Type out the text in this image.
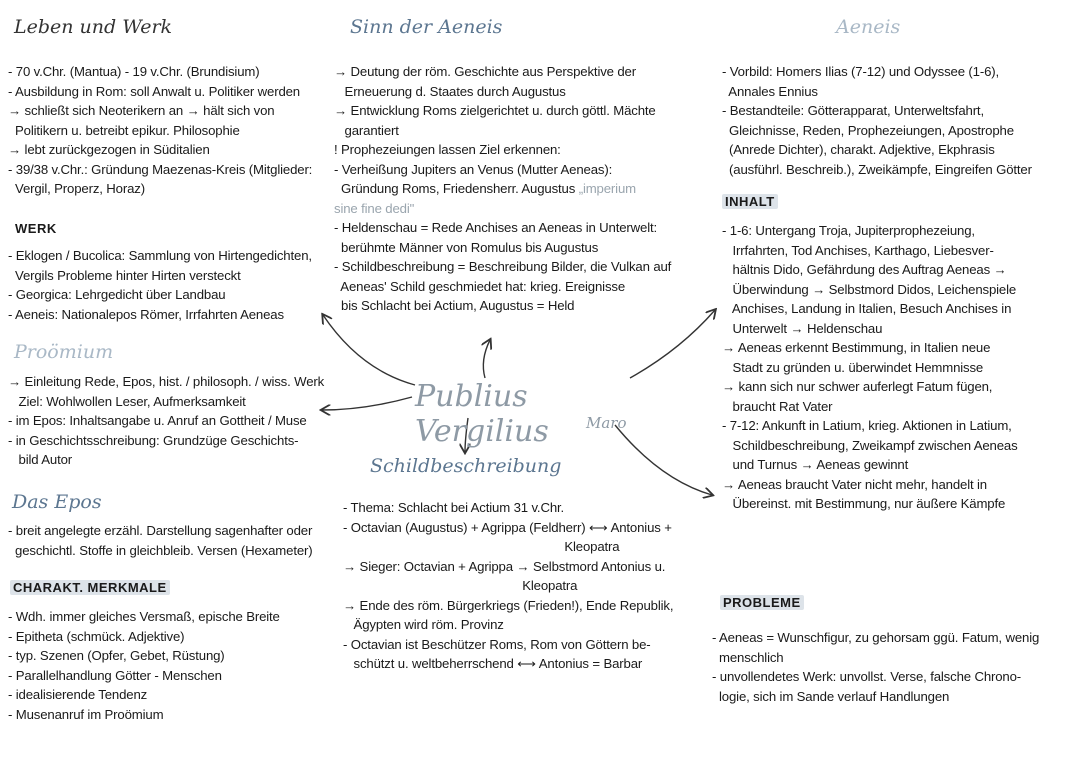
Publius Vergilius Maro

Leben und Werk

- 70 v.Chr. (Mantua) - 19 v.Chr. (Brundisium)

- Ausbildung in Rom: soll Anwalt u. Politiker werden

→ schließt sich Neoterikern an → hält sich von

Politikern u. betreibt epikur. Philosophie

→ lebt zurückgezogen in Süditalien

- 39/38 v.Chr.: Gründung Maezenas-Kreis (Mitglieder:

Vergil, Properz, Horaz)

WERK

- Eklogen / Bucolica: Sammlung von Hirtengedichten,

Vergils Probleme hinter Hirten versteckt

- Georgica: Lehrgedicht über Landbau

- Aeneis: Nationalepos Römer, Irrfahrten Aeneas

Proömium

→ Einleitung Rede, Epos, hist. / philosoph. / wiss. Werk

Ziel: Wohlwollen Leser, Aufmerksamkeit

- im Epos: Inhaltsangabe u. Anruf an Gottheit / Muse

- in Geschichtsschreibung: Grundzüge Geschichts-

bild Autor

Das Epos

- breit angelegte erzähl. Darstellung sagenhafter oder

geschichtl. Stoffe in gleichbleib. Versen (Hexameter)

CHARAKT. MERKMALE

- Wdh. immer gleiches Versmaß, epische Breite

- Epitheta (schmück. Adjektive)

- typ. Szenen (Opfer, Gebet, Rüstung)

- Parallelhandlung Götter - Menschen

- idealisierende Tendenz

- Musenanruf im Proömium

Sinn der Aeneis

→ Deutung der röm. Geschichte aus Perspektive der

Erneuerung d. Staates durch Augustus

→ Entwicklung Roms zielgerichtet u. durch göttl. Mächte

garantiert

! Prophezeiungen lassen Ziel erkennen:

- Verheißung Jupiters an Venus (Mutter Aeneas):

Gründung Roms, Friedensherr. Augustus „imperium

sine fine dedi"

- Heldenschau = Rede Anchises an Aeneas in Unterwelt:

berühmte Männer von Romulus bis Augustus

- Schildbeschreibung = Beschreibung Bilder, die Vulkan auf

Aeneas' Schild geschmiedet hat: krieg. Ereignisse

bis Schlacht bei Actium, Augustus = Held

Schildbeschreibung

- Thema: Schlacht bei Actium 31 v.Chr.

- Octavian (Augustus) + Agrippa (Feldherr) ⟷ Antonius +

Kleopatra

→ Sieger: Octavian + Agrippa → Selbstmord Antonius u.

Kleopatra

→ Ende des röm. Bürgerkriegs (Frieden!), Ende Republik,

Ägypten wird röm. Provinz

- Octavian ist Beschützer Roms, Rom von Göttern be-

schützt u. weltbeherrschend ⟷ Antonius = Barbar

Aeneis

- Vorbild: Homers Ilias (7-12) und Odyssee (1-6),

Annales Ennius

- Bestandteile: Götterapparat, Unterweltsfahrt,

Gleichnisse, Reden, Prophezeiungen, Apostrophe

(Anrede Dichter), charakt. Adjektive, Ekphrasis

(ausführl. Beschreib.), Zweikämpfe, Eingreifen Götter

INHALT

- 1-6: Untergang Troja, Jupiterprophezeiung,

Irrfahrten, Tod Anchises, Karthago, Liebesver-

hältnis Dido, Gefährdung des Auftrag Aeneas →

Überwindung → Selbstmord Didos, Leichenspiele

Anchises, Landung in Italien, Besuch Anchises in

Unterwelt → Heldenschau

→ Aeneas erkennt Bestimmung, in Italien neue

Stadt zu gründen u. überwindet Hemmnisse

→ kann sich nur schwer auferlegt Fatum fügen,

braucht Rat Vater

- 7-12: Ankunft in Latium, krieg. Aktionen in Latium,

Schildbeschreibung, Zweikampf zwischen Aeneas

und Turnus → Aeneas gewinnt

→ Aeneas braucht Vater nicht mehr, handelt in

Übereinst. mit Bestimmung, nur äußere Kämpfe

PROBLEME

- Aeneas = Wunschfigur, zu gehorsam ggü. Fatum, wenig

menschlich

- unvollendetes Werk: unvollst. Verse, falsche Chrono-

logie, sich im Sande verlauf Handlungen
